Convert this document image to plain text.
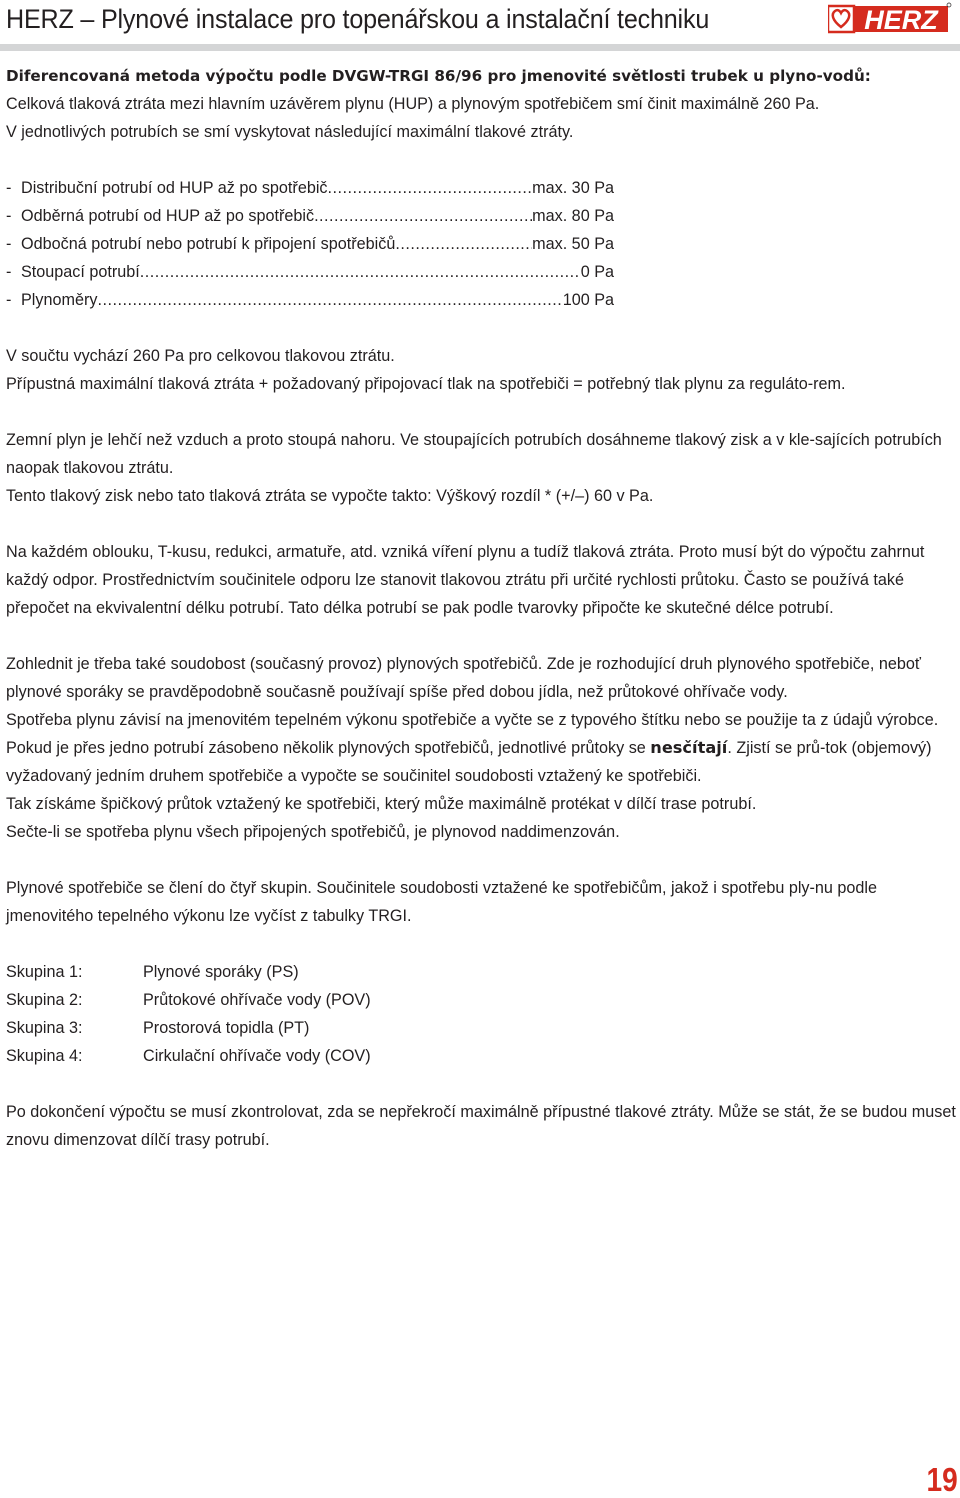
HERZ – Plynové instalace pro topenářskou a instalační techniku	HERZ

Diferencovaná metoda výpočtu podle DVGW-TRGI 86/96 pro jmenovité světlosti trubek u plyno-vodů:

Celková tlaková ztráta mezi hlavním uzávěrem plynu (HUP) a plynovým spotřebičem smí činit maximálně 260 Pa.

V jednotlivých potrubích se smí vyskytovat následující maximální tlakové ztráty.

- Distribuční potrubí od HUP až po spotřebič .....	max. 30 Pa
- Odběrná potrubí od HUP až po spotřebič .....	max. 80 Pa
- Odbočná potrubí nebo potrubí k připojení spotřebičů .....	max. 50 Pa
- Stoupací potrubí .....	0 Pa
- Plynoměry .....	100 Pa

V součtu vychází 260 Pa pro celkovou tlakovou ztrátu.

Přípustná maximální tlaková ztráta + požadovaný připojovací tlak na spotřebiči = potřebný tlak plynu za reguláto-rem.

Zemní plyn je lehčí než vzduch a proto stoupá nahoru. Ve stoupajících potrubích dosáhneme tlakový zisk a v kle-sajících potrubích naopak tlakovou ztrátu.

Tento tlakový zisk nebo tato tlaková ztráta se vypočte takto: Výškový rozdíl * (+/–) 60 v Pa.

Na každém oblouku, T-kusu, redukci, armatuře, atd. vzniká víření plynu a tudíž tlaková ztráta. Proto musí být do výpočtu zahrnut každý odpor. Prostřednictvím součinitele odporu lze stanovit tlakovou ztrátu při určité rychlosti průtoku. Často se používá také přepočet na ekvivalentní délku potrubí. Tato délka potrubí se pak podle tvarovky připočte ke skutečné délce potrubí.

Zohlednit je třeba také soudobost (současný provoz) plynových spotřebičů. Zde je rozhodující druh plynového spotřebiče, neboť plynové sporáky se pravděpodobně současně používají spíše před dobou jídla, než průtokové ohřívače vody.

Spotřeba plynu závisí na jmenovitém tepelném výkonu spotřebiče a vyčte se z typového štítku nebo se použije ta z údajů výrobce.

Pokud je přes jedno potrubí zásobeno několik plynových spotřebičů, jednotlivé průtoky se nesčítají. Zjistí se prů-tok (objemový) vyžadovaný jedním druhem spotřebiče a vypočte se součinitel soudobosti vztažený ke spotřebiči.

Tak získáme špičkový průtok vztažený ke spotřebiči, který může maximálně protékat v dílčí trase potrubí.

Sečte-li se spotřeba plynu všech připojených spotřebičů, je plynovod naddimenzován.

Plynové spotřebiče se člení do čtyř skupin. Součinitele soudobosti vztažené ke spotřebičům, jakož i spotřebu ply-nu podle jmenovitého tepelného výkonu lze vyčíst z tabulky TRGI.

Skupina 1:	Plynové sporáky (PS)
Skupina 2:	Průtokové ohřívače vody (POV)
Skupina 3:	Prostorová topidla (PT)
Skupina 4:	Cirkulační ohřívače vody (COV)

Po dokončení výpočtu se musí zkontrolovat, zda se nepřekročí maximálně přípustné tlakové ztráty. Může se stát, že se budou muset znovu dimenzovat dílčí trasy potrubí.

19
